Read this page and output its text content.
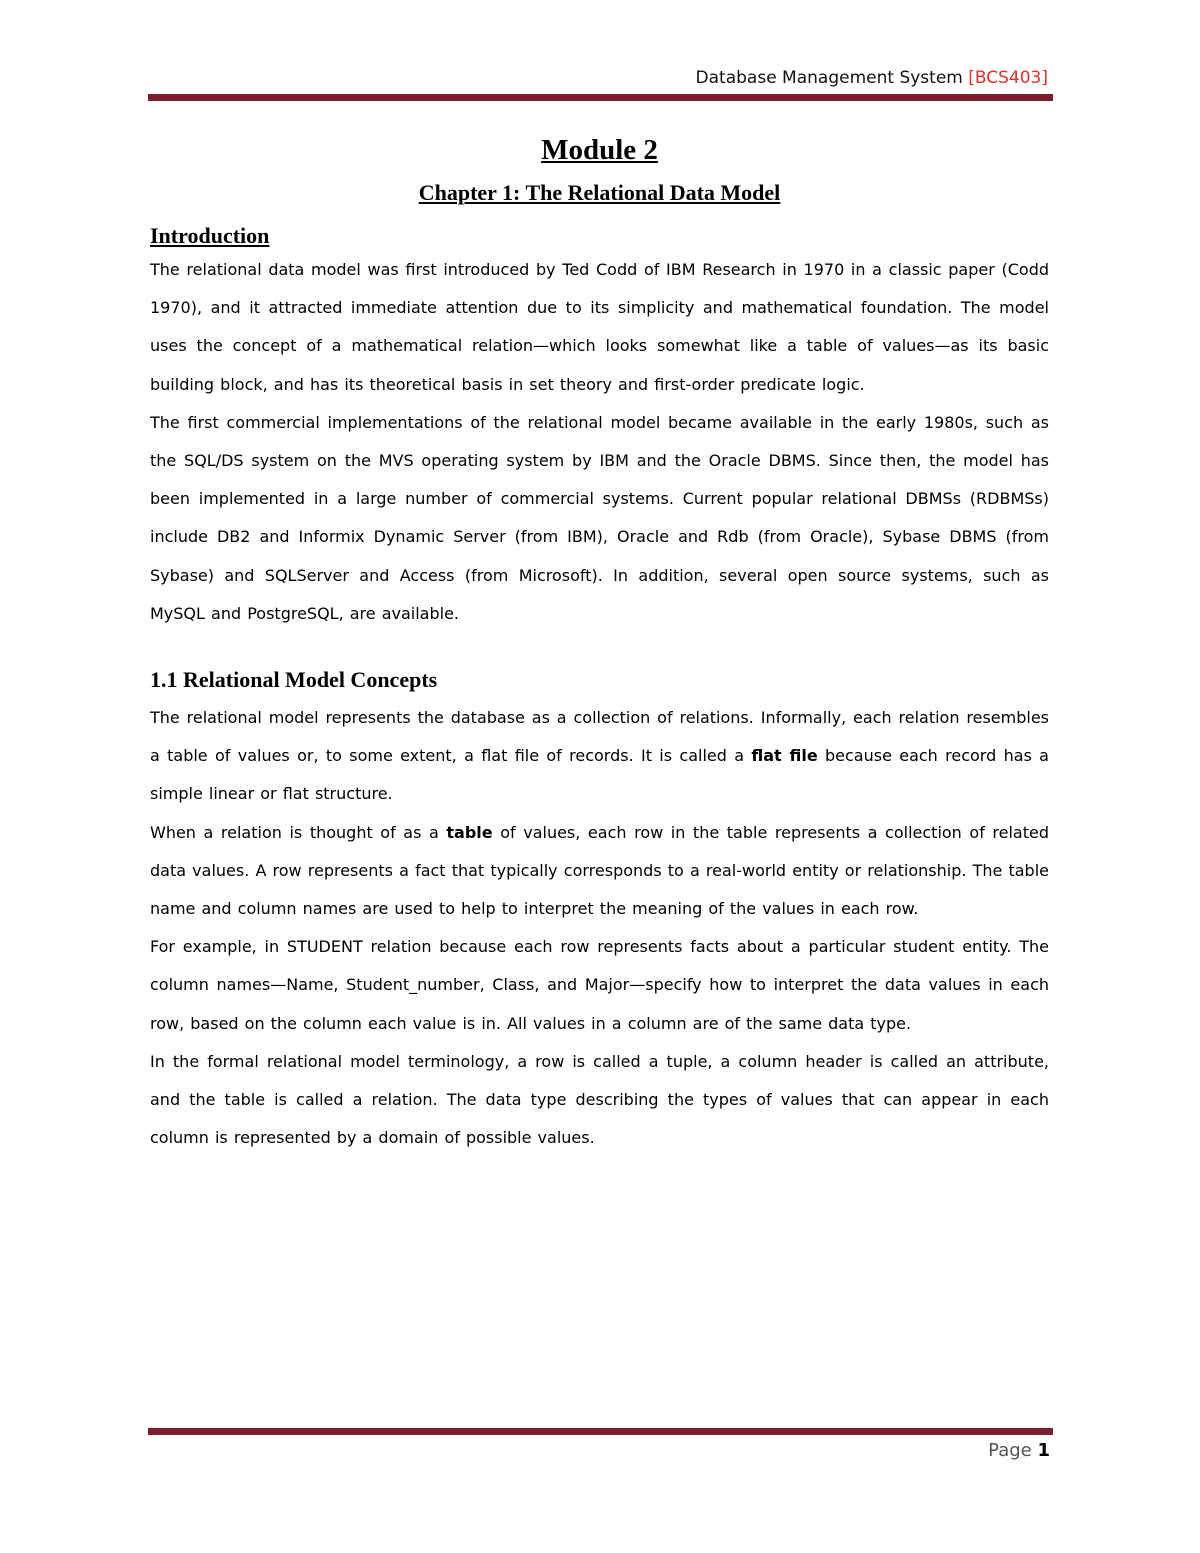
Database Management System [BCS403]
Module 2
Chapter 1: The Relational Data Model
Introduction

The relational data model was first introduced by Ted Codd of IBM Research in 1970 in a classic paper (Codd 1970), and it attracted immediate attention due to its simplicity and mathematical foundation. The model uses the concept of a mathematical relation—which looks somewhat like a table of values—as its basic building block, and has its theoretical basis in set theory and first-order predicate logic.

The first commercial implementations of the relational model became available in the early 1980s, such as the SQL/DS system on the MVS operating system by IBM and the Oracle DBMS. Since then, the model has been implemented in a large number of commercial systems. Current popular relational DBMSs (RDBMSs) include DB2 and Informix Dynamic Server (from IBM), Oracle and Rdb (from Oracle), Sybase DBMS (from Sybase) and SQLServer and Access (from Microsoft). In addition, several open source systems, such as MySQL and PostgreSQL, are available.

1.1 Relational Model Concepts

The relational model represents the database as a collection of relations. Informally, each relation resembles a table of values or, to some extent, a flat file of records. It is called a flat file because each record has a simple linear or flat structure.

When a relation is thought of as a table of values, each row in the table represents a collection of related data values. A row represents a fact that typically corresponds to a real-world entity or relationship. The table name and column names are used to help to interpret the meaning of the values in each row.

For example, in STUDENT relation because each row represents facts about a particular student entity. The column names—Name, Student_number, Class, and Major—specify how to interpret the data values in each row, based on the column each value is in. All values in a column are of the same data type.

In the formal relational model terminology, a row is called a tuple, a column header is called an attribute, and the table is called a relation. The data type describing the types of values that can appear in each column is represented by a domain of possible values.

Page 1
